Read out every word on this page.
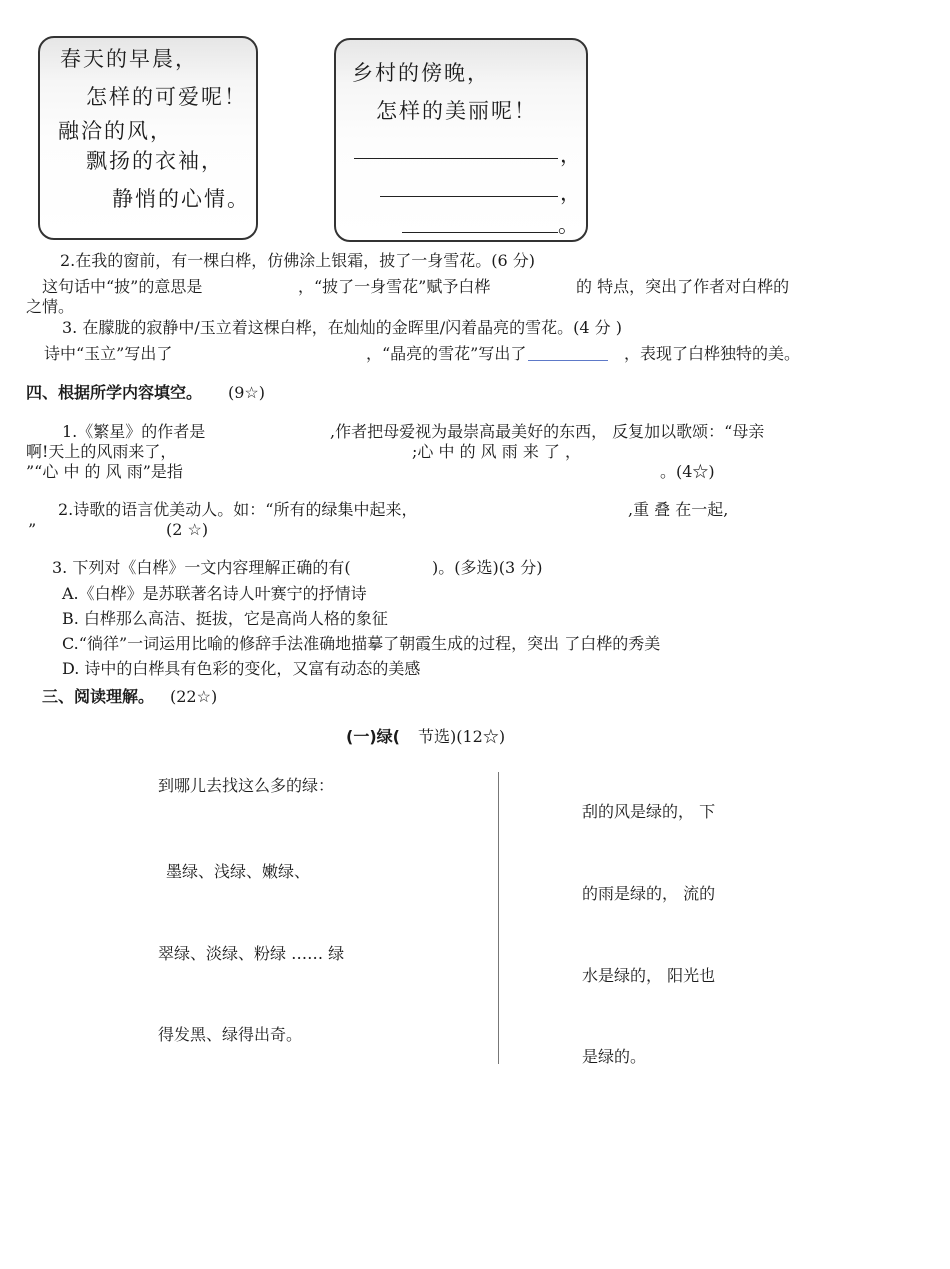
春天的早晨，
怎样的可爱呢！
融洽的风，
飘扬的衣袖，
静悄的心情。
乡村的傍晚，
怎样的美丽呢！
，
，
。
2.在我的窗前，有一棵白桦，仿佛涂上银霜，披了一身雪花。(6 分)
这句话中“披”的意思是	，“披了一身雪花”赋予白桦	的 特点，突出了作者对白桦的
之情。
3. 在朦胧的寂静中/玉立着这棵白桦，在灿灿的金晖里/闪着晶亮的雪花。(4 分 )
诗中“玉立”写出了	，“晶亮的雪花”写出了	，表现了白桦独特的美。
四、根据所学内容填空。 (9☆)
1.《繁星》的作者是	,作者把母爱视为最崇高最美好的东西， 反复加以歌颂：“母亲
啊!天上的风雨来了，	;心 中 的 风 雨 来 了 ，
”“心 中 的 风 雨”是指	。(4☆)
2.诗歌的语言优美动人。如：“所有的绿集中起来，	,重 叠 在一起,
”	(2 ☆)
3. 下列对《白桦》一文内容理解正确的有(	)。(多选)(3 分)
A.《白桦》是苏联著名诗人叶赛宁的抒情诗
B. 白桦那么高洁、挺拔，它是高尚人格的象征
C.“徜徉”一词运用比喻的修辞手法准确地描摹了朝霞生成的过程，突出 了白桦的秀美
D. 诗中的白桦具有色彩的变化，又富有动态的美感
三、阅读理解。 (22☆)
(一)绿( 节选)(12☆)
到哪儿去找这么多的绿：
墨绿、浅绿、嫩绿、
翠绿、淡绿、粉绿 …… 绿
得发黑、绿得出奇。
刮的风是绿的， 下
的雨是绿的， 流的
水是绿的， 阳光也
是绿的。
